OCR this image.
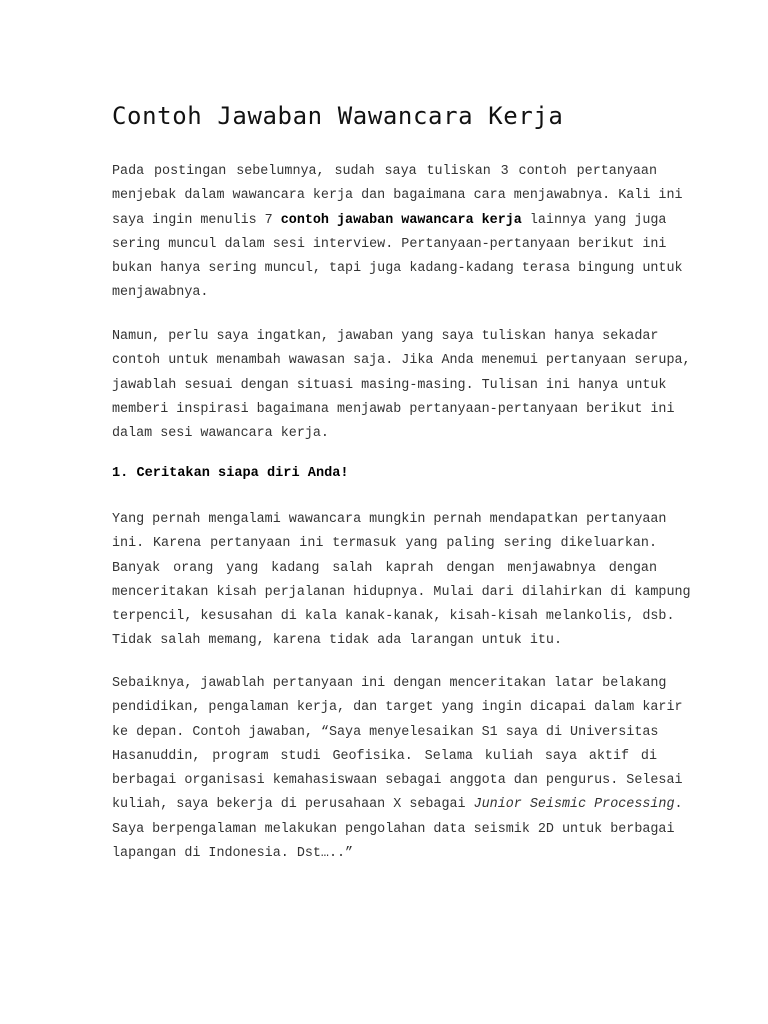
Contoh Jawaban Wawancara Kerja
Pada postingan sebelumnya, sudah saya tuliskan 3 contoh pertanyaan
menjebak dalam wawancara kerja dan bagaimana cara menjawabnya. Kali ini
saya ingin menulis 7 contoh jawaban wawancara kerja lainnya yang juga
sering muncul dalam sesi interview. Pertanyaan-pertanyaan berikut ini
bukan hanya sering muncul, tapi juga kadang-kadang terasa bingung untuk
menjawabnya.
Namun, perlu saya ingatkan, jawaban yang saya tuliskan hanya sekadar
contoh untuk menambah wawasan saja. Jika Anda menemui pertanyaan serupa,
jawablah sesuai dengan situasi masing-masing. Tulisan ini hanya untuk
memberi inspirasi bagaimana menjawab pertanyaan-pertanyaan berikut ini
dalam sesi wawancara kerja.
1. Ceritakan siapa diri Anda!
Yang pernah mengalami wawancara mungkin pernah mendapatkan pertanyaan
ini. Karena pertanyaan ini termasuk yang paling sering dikeluarkan.
Banyak orang yang kadang salah kaprah dengan menjawabnya dengan
menceritakan kisah perjalanan hidupnya. Mulai dari dilahirkan di kampung
terpencil, kesusahan di kala kanak-kanak, kisah-kisah melankolis, dsb.
Tidak salah memang, karena tidak ada larangan untuk itu.
Sebaiknya, jawablah pertanyaan ini dengan menceritakan latar belakang
pendidikan, pengalaman kerja, dan target yang ingin dicapai dalam karir
ke depan. Contoh jawaban, “Saya menyelesaikan S1 saya di Universitas
Hasanuddin, program studi Geofisika. Selama kuliah saya aktif di
berbagai organisasi kemahasiswaan sebagai anggota dan pengurus. Selesai
kuliah, saya bekerja di perusahaan X sebagai Junior Seismic Processing.
Saya berpengalaman melakukan pengolahan data seismik 2D untuk berbagai
lapangan di Indonesia. Dst…..”
